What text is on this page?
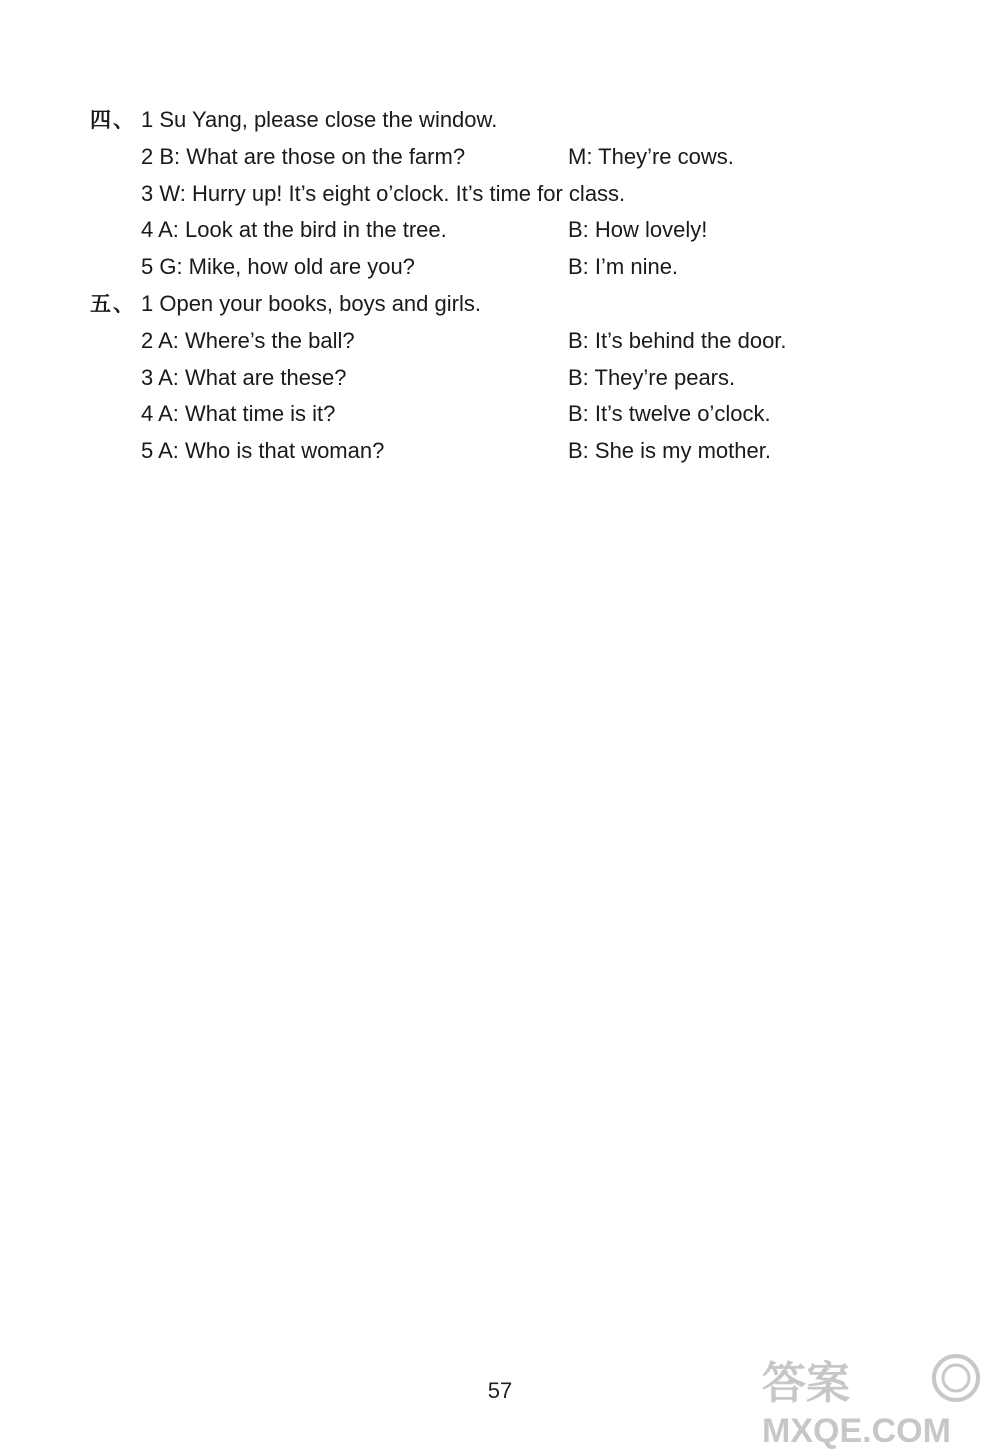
四、 1 Su Yang, please close the window.
2 B: What are those on the farm?	M: They’re cows.
3 W: Hurry up! It’s eight o’clock. It’s time for class.
4 A: Look at the bird in the tree.	B: How lovely!
5 G: Mike, how old are you?	B: I’m nine.
五、 1 Open your books, boys and girls.
2 A: Where’s the ball?	B: It’s behind the door.
3 A: What are these?	B: They’re pears.
4 A: What time is it?	B: It’s twelve o’clock.
5 A: Who is that woman?	B: She is my mother.
57	答案
MXQE.COM
